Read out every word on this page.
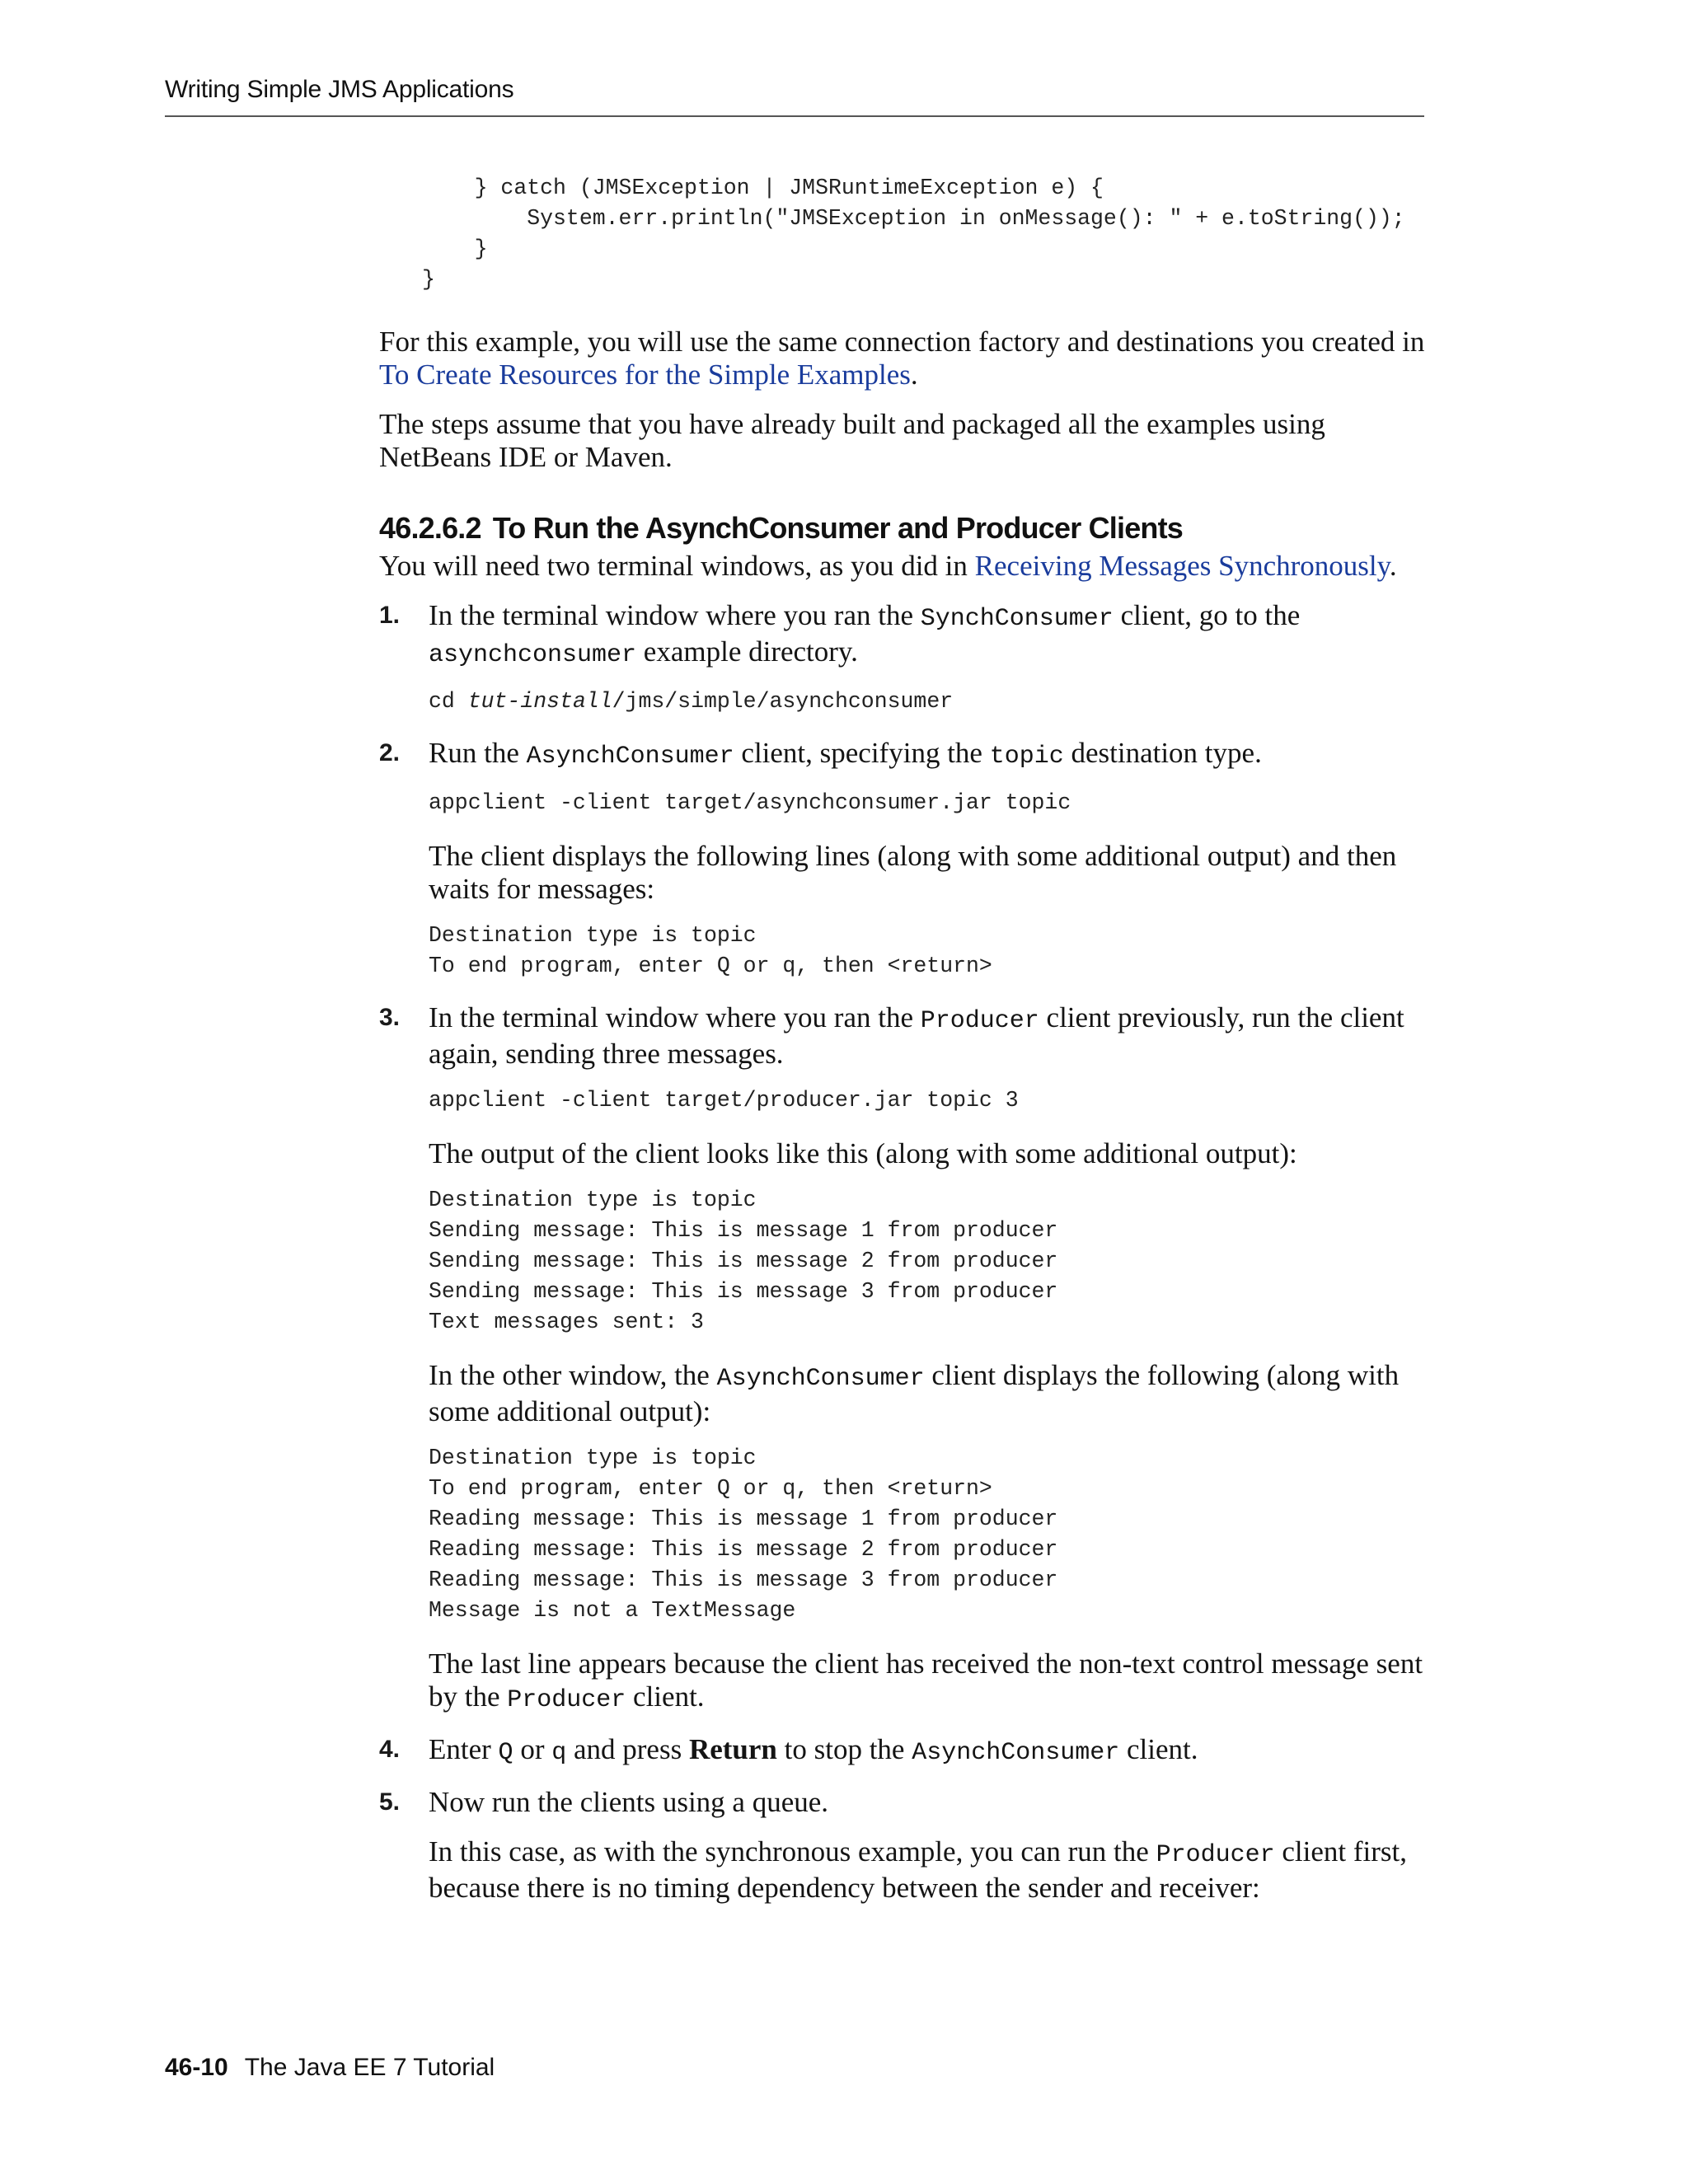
Writing Simple JMS Applications
} catch (JMSException | JMSRuntimeException e) {
System.err.println("JMSException in onMessage(): " + e.toString());
}
}

For this example, you will use the same connection factory and destinations you created in To Create Resources for the Simple Examples.

The steps assume that you have already built and packaged all the examples using NetBeans IDE or Maven.

46.2.6.2 To Run the AsynchConsumer and Producer Clients

You will need two terminal windows, as you did in Receiving Messages Synchronously.

1. In the terminal window where you ran the SynchConsumer client, go to the asynchconsumer example directory.

cd tut-install/jms/simple/asynchconsumer
2. Run the AsynchConsumer client, specifying the topic destination type.

appclient -client target/asynchconsumer.jar topic

The client displays the following lines (along with some additional output) and then waits for messages:

Destination type is topic
To end program, enter Q or q, then <return>
3. In the terminal window where you ran the Producer client previously, run the client again, sending three messages.

appclient -client target/producer.jar topic 3

The output of the client looks like this (along with some additional output):

Destination type is topic
Sending message: This is message 1 from producer
Sending message: This is message 2 from producer
Sending message: This is message 3 from producer
Text messages sent: 3

In the other window, the AsynchConsumer client displays the following (along with some additional output):

Destination type is topic
To end program, enter Q or q, then <return>
Reading message: This is message 1 from producer
Reading message: This is message 2 from producer
Reading message: This is message 3 from producer
Message is not a TextMessage

The last line appears because the client has received the non-text control message sent by the Producer client.

4. Enter Q or q and press Return to stop the AsynchConsumer client.

5. Now run the clients using a queue.

In this case, as with the synchronous example, you can run the Producer client first, because there is no timing dependency between the sender and receiver:

46-10 The Java EE 7 Tutorial
